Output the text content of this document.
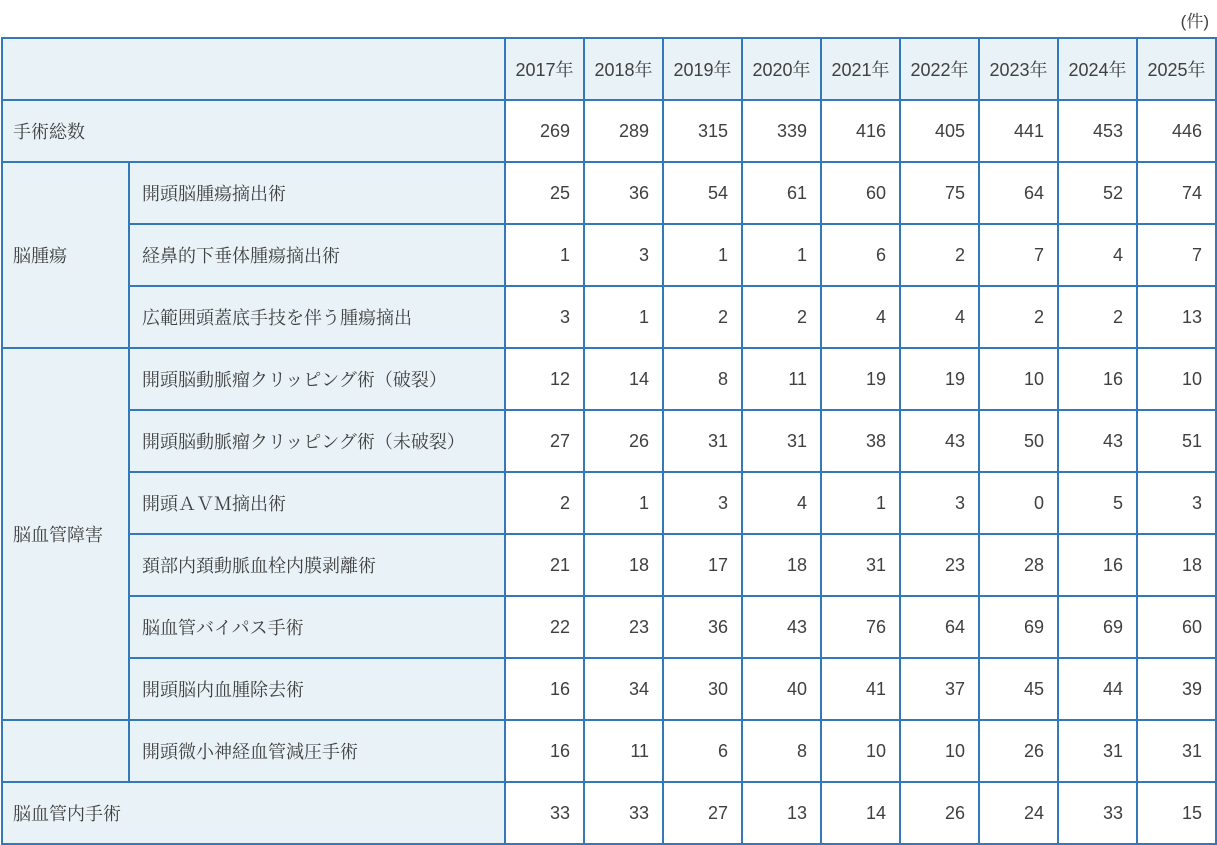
(件)
		2017年	2018年	2019年	2020年	2021年	2022年	2023年	2024年	2025年
手術総数		269	289	315	339	416	405	441	453	446
脳腫瘍	開頭脳腫瘍摘出術	25	36	54	61	60	75	64	52	74
	経鼻的下垂体腫瘍摘出術	1	3	1	1	6	2	7	4	7
	広範囲頭蓋底手技を伴う腫瘍摘出	3	1	2	2	4	4	2	2	13
脳血管障害	開頭脳動脈瘤クリッピング術（破裂）	12	14	8	11	19	19	10	16	10
	開頭脳動脈瘤クリッピング術（未破裂）	27	26	31	31	38	43	50	43	51
	開頭ＡＶＭ摘出術	2	1	3	4	1	3	0	5	3
	頚部内頚動脈血栓内膜剥離術	21	18	17	18	31	23	28	16	18
	脳血管バイパス手術	22	23	36	43	76	64	69	69	60
	開頭脳内血腫除去術	16	34	30	40	41	37	45	44	39
	開頭微小神経血管減圧手術	16	11	6	8	10	10	26	31	31
脳血管内手術		33	33	27	13	14	26	24	33	15
